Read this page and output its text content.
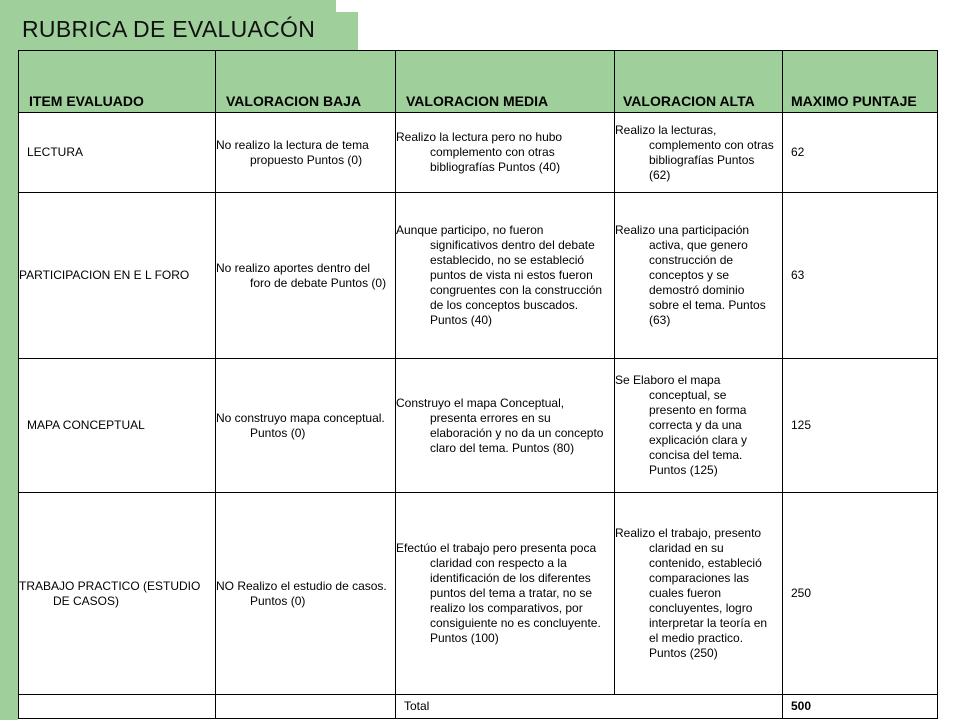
RUBRICA DE EVALUACÓN
ITEM EVALUADO	VALORACION BAJA	VALORACION MEDIA	VALORACION ALTA	MAXIMO PUNTAJE
LECTURA	No realizo la lectura de tema propuesto Puntos (0)	Realizo la lectura pero no hubo complemento con otras bibliografías Puntos (40)	Realizo la lecturas, complemento con otras bibliografías Puntos (62)	62
PARTICIPACION EN E L FORO	No realizo aportes dentro del foro de debate Puntos (0)	Aunque participo, no fueron significativos dentro del debate establecido, no se estableció puntos de vista ni estos fueron congruentes con la construcción de los conceptos buscados. Puntos (40)	Realizo una participación activa, que genero construcción de conceptos y se demostró dominio sobre el tema. Puntos (63)	63
MAPA CONCEPTUAL	No construyo mapa conceptual. Puntos (0)	Construyo el mapa Conceptual, presenta errores en su elaboración y no da un concepto claro del tema. Puntos (80)	Se Elaboro el mapa conceptual, se presento en forma correcta y da una explicación clara y concisa del tema. Puntos (125)	125
TRABAJO PRACTICO (ESTUDIO DE CASOS)	NO Realizo el estudio de casos. Puntos (0)	Efectúo el trabajo pero presenta poca claridad con respecto a la identificación de los diferentes puntos del tema a tratar, no se realizo los comparativos, por consiguiente no es concluyente. Puntos (100)	Realizo el trabajo, presento claridad en su contenido, estableció comparaciones las cuales fueron concluyentes, logro interpretar la teoría en el medio practico. Puntos (250)	250
		Total		500
